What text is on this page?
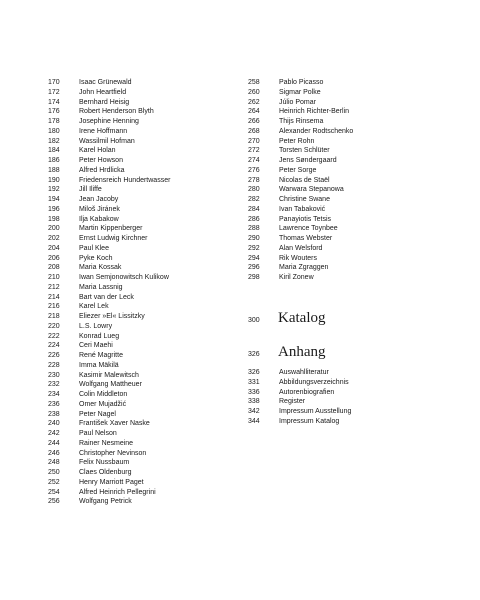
170	Isaac Grünewald
172	John Heartfield
174	Bernhard Heisig
176	Robert Henderson Blyth
178	Josephine Henning
180	Irene Hoffmann
182	Wassilmil Hofman
184	Karel Holan
186	Peter Howson
188	Alfred Hrdlicka
190	Friedensreich Hundertwasser
192	Jill Iliffe
194	Jean Jacoby
196	Miloš Jiránek
198	Ilja Kabakow
200	Martin Kippenberger
202	Ernst Ludwig Kirchner
204	Paul Klee
206	Pyke Koch
208	Maria Kossak
210	Iwan Semjonowitsch Kulikow
212	Maria Lassnig
214	Bart van der Leck
216	Karel Lek
218	Eliezer »El« Lissitzky
220	L.S. Lowry
222	Konrad Lueg
224	Ceri Maehi
226	René Magritte
228	Imma Mäkilä
230	Kasimir Malewitsch
232	Wolfgang Mattheuer
234	Colin Middleton
236	Omer Mujadžić
238	Peter Nagel
240	František Xaver Naske
242	Paul Nelson
244	Rainer Nesmeine
246	Christopher Nevinson
248	Felix Nussbaum
250	Claes Oldenburg
252	Henry Marriott Paget
254	Alfred Heinrich Pellegrini
256	Wolfgang Petrick
258	Pablo Picasso
260	Sigmar Polke
262	Júlio Pomar
264	Heinrich Richter-Berlin
266	Thijs Rinsema
268	Alexander Rodtschenko
270	Peter Rohn
272	Torsten Schlüter
274	Jens Søndergaard
276	Peter Sorge
278	Nicolas de Staël
280	Warwara Stepanowa
282	Christine Swane
284	Ivan Tabaković
286	Panayiotis Tetsis
288	Lawrence Toynbee
290	Thomas Webster
292	Alan Welsford
294	Rik Wouters
296	Maria Zgraggen
298	Kiril Zonew
300	Katalog
326	Anhang
326	Auswahlliteratur
331	Abbildungsverzeichnis
336	Autorenbiografien
338	Register
342	Impressum Ausstellung
344	Impressum Katalog
